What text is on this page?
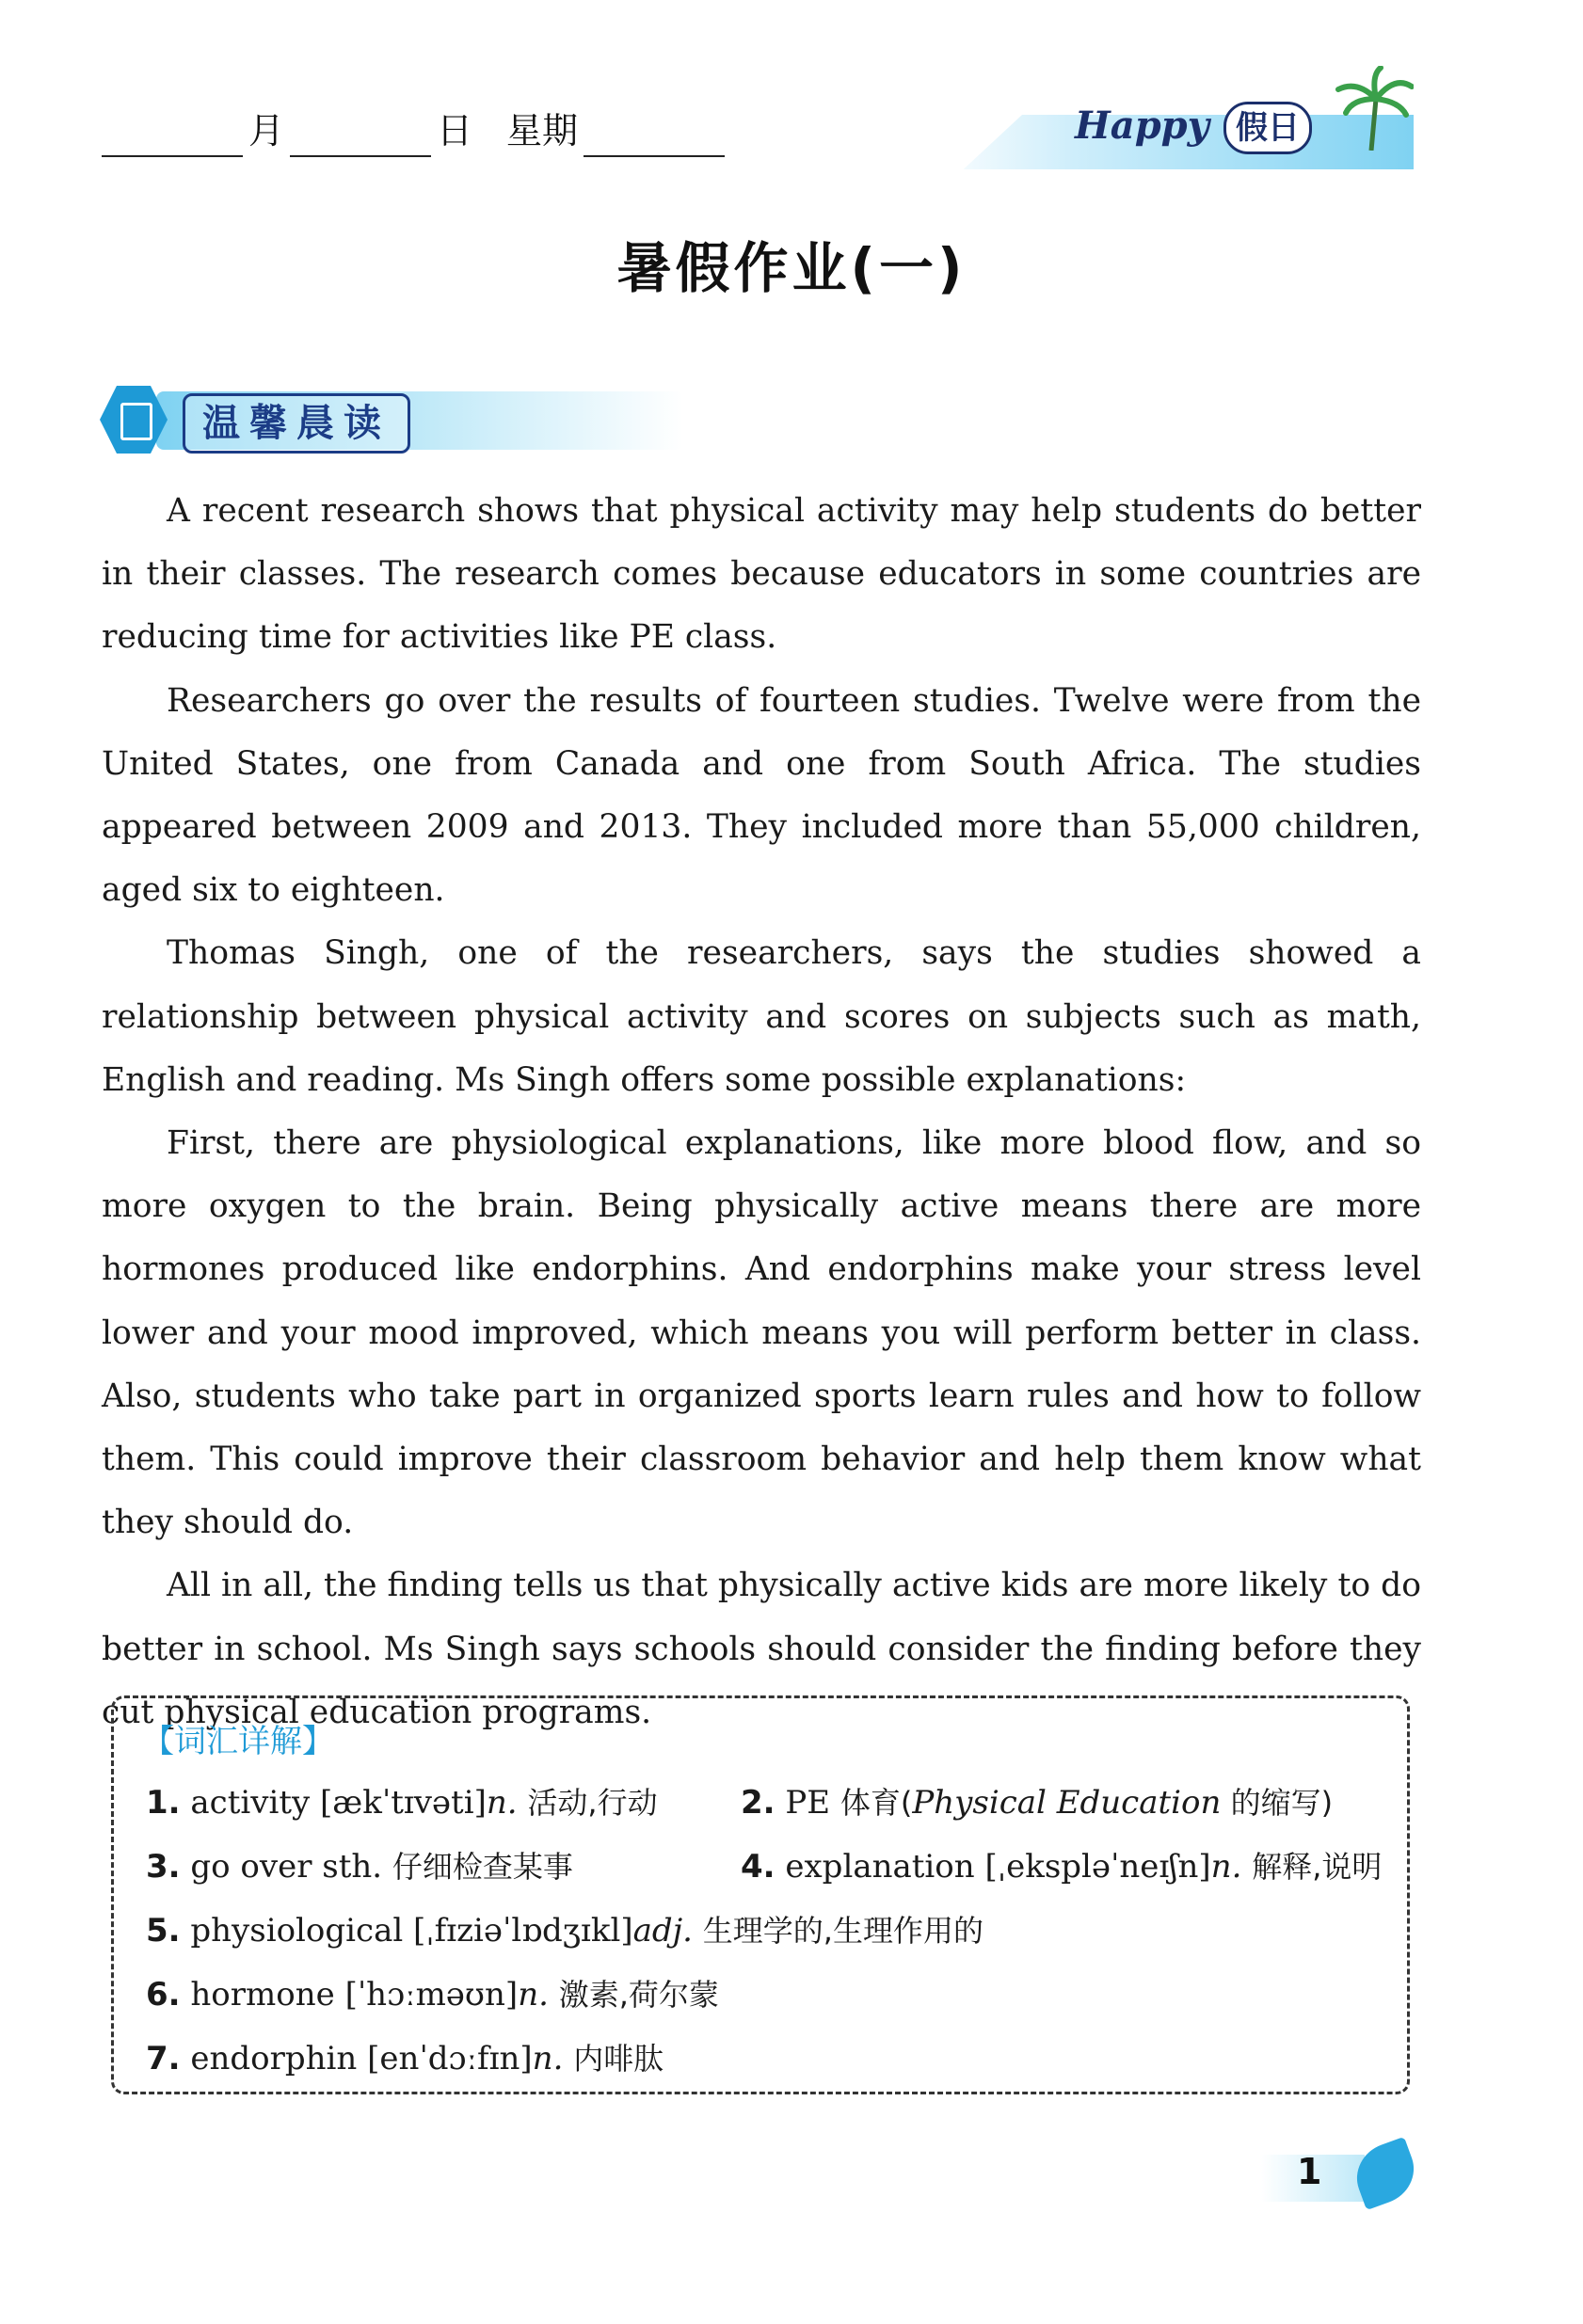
月	日 星期	Happy 假日
暑假作业(一)
温馨晨读

A recent research shows that physical activity may help students do better in their classes. The research comes because educators in some countries are reducing time for activities like PE class.

Researchers go over the results of fourteen studies. Twelve were from the United States, one from Canada and one from South Africa. The studies appeared between 2009 and 2013. They included more than 55,000 children, aged six to eighteen.

Thomas Singh, one of the researchers, says the studies showed a relationship between physical activity and scores on subjects such as math, English and reading. Ms Singh offers some possible explanations:

First, there are physiological explanations, like more blood flow, and so more oxygen to the brain. Being physically active means there are more hormones produced like endorphins. And endorphins make your stress level lower and your mood improved, which means you will perform better in class. Also, students who take part in organized sports learn rules and how to follow them. This could improve their classroom behavior and help them know what they should do.

All in all, the finding tells us that physically active kids are more likely to do better in school. Ms Singh says schools should consider the finding before they cut physical education programs.

【词汇详解】
1. activity [ækˈtɪvəti]n. 活动,行动	2. PE 体育(Physical Education 的缩写)
3. go over sth. 仔细检查某事	4. explanation [ˌekspləˈneɪʃn]n. 解释,说明
5. physiological [ˌfɪziəˈlɒdʒɪkl]adj. 生理学的,生理作用的
6. hormone [ˈhɔːməʊn]n. 激素,荷尔蒙
7. endorphin [enˈdɔːfɪn]n. 内啡肽
1
